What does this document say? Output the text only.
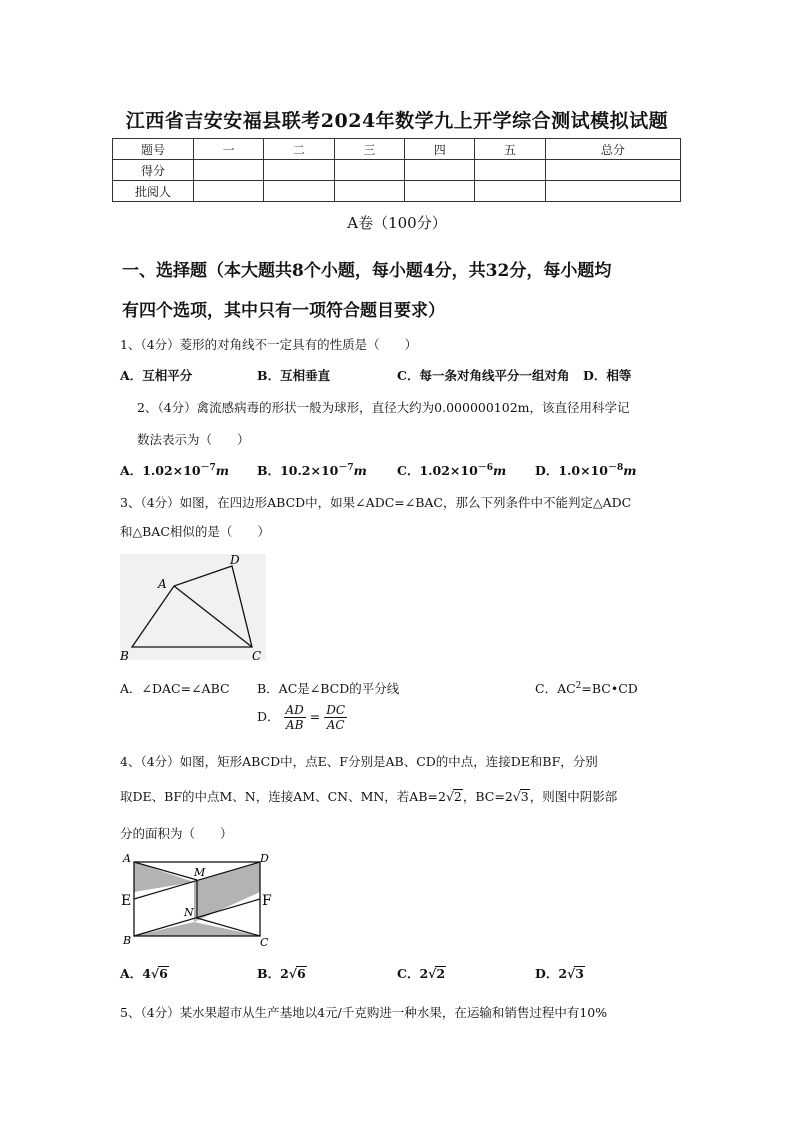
江西省吉安安福县联考2024年数学九上开学综合测试模拟试题
题号	一	二	三	四	五	总分
得分						
批阅人						
A卷（100分）
一、选择题（本大题共8个小题，每小题4分，共32分，每小题均
有四个选项，其中只有一项符合题目要求）
1、（4分）菱形的对角线不一定具有的性质是（　　）
A．互相平分	B．互相垂直	C．每一条对角线平分一组对角 D．相等
2、（4分）禽流感病毒的形状一般为球形，直径大约为0.000000102m，该直径用科学记
数法表示为（　　）
A．$1.02\times 10^{-7}m$ B．$10.2\times 10^{-7}m$ C．$1.02\times 10^{-6}m$ D．$1.0\times 10^{-8}m$
3、（4分）如图，在四边形ABCD中，如果∠ADC=∠BAC，那么下列条件中不能判定△ADC
和△BAC相似的是（　　）
A
B	C
D
A．∠DAC=∠ABC B．AC是∠BCD的平分线	C．$AC^2=BC•CD$
D． $\frac{AD}{AB} = \frac{DC}{AC}$
4、（4分）如图，矩形ABCD中，点E、F分别是AB、CD的中点，连接DE和BF，分别
取DE、BF的中点M、N，连接AM、CN、MN，若AB=2√2，BC=2√3，则图中阴影部
分的面积为（　　）
A	D
B	C
E	F
M
N
A．4√6	B．2√6	C．2√2	D．2√3
5、（4分）某水果超市从生产基地以4元/千克购进一种水果，在运输和销售过程中有10%
